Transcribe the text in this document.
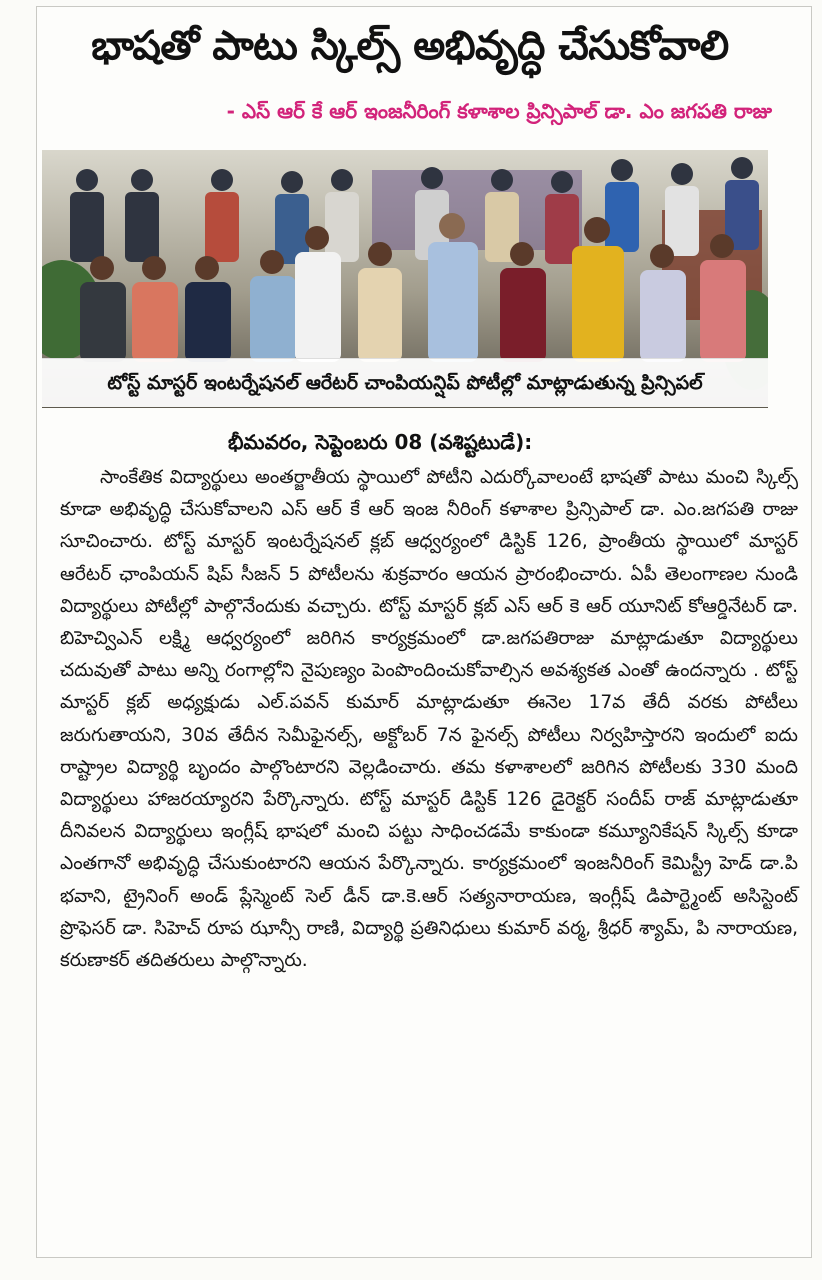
భాషతో పాటు స్కిల్స్ అభివృద్ధి చేసుకోవాలి
- ఎస్ ఆర్ కే ఆర్ ఇంజనీరింగ్ కళాశాల ప్రిన్సిపాల్ డా. ఎం జగపతి రాజు
టోస్ట్ మాస్టర్ ఇంటర్నేషనల్ ఆరేటర్ చాంపియన్షిప్ పోటీల్లో మాట్లాడుతున్న ప్రిన్సిపల్
భీమవరం, సెప్టెంబరు 08 (వశిష్టటుడే):

సాంకేతిక విద్యార్థులు అంతర్జాతీయ స్థాయిలో పోటీని ఎదుర్కోవాలంటే భాషతో పాటు మంచి స్కిల్స్ కూడా అభివృద్ధి చేసుకోవాలని ఎస్ ఆర్ కే ఆర్ ఇంజ నీరింగ్ కళాశాల ప్రిన్సిపాల్ డా. ఎం.జగపతి రాజు సూచించారు. టోస్ట్ మాస్టర్ ఇంటర్నేషనల్ క్లబ్ ఆధ్వర్యంలో డిస్టిక్ 126, ప్రాంతీయ స్థాయిలో మాస్టర్ ఆరేటర్ ఛాంపియన్ షిప్ సీజన్ 5 పోటీలను శుక్రవారం ఆయన ప్రారంభించారు. ఏపీ తెలంగాణల నుండి విద్యార్థులు పోటీల్లో పాల్గొనేందుకు వచ్చారు. టోస్ట్ మాస్టర్ క్లబ్ ఎస్ ఆర్ కె ఆర్ యూనిట్ కోఆర్డినేటర్ డా. బిహెచ్విఎన్ లక్ష్మి ఆధ్వర్యంలో జరిగిన కార్యక్రమంలో డా.జగపతిరాజు మాట్లాడుతూ విద్యార్థులు చదువుతో పాటు అన్ని రంగాల్లోని నైపుణ్యం పెంపొందించుకోవాల్సిన అవశ్యకత ఎంతో ఉందన్నారు . టోస్ట్ మాస్టర్ క్లబ్ అధ్యక్షుడు ఎల్.పవన్ కుమార్ మాట్లాడుతూ ఈనెల 17వ తేదీ వరకు పోటీలు జరుగుతాయని, 30వ తేదీన సెమీఫైనల్స్, అక్టోబర్ 7న ఫైనల్స్ పోటీలు నిర్వహిస్తారని ఇందులో ఐదు రాష్ట్రాల విద్యార్థి బృందం పాల్గొంటారని వెల్లడించారు. తమ కళాశాలలో జరిగిన పోటీలకు 330 మంది విద్యార్థులు హాజరయ్యారని పేర్కొన్నారు. టోస్ట్ మాస్టర్ డిస్టిక్ 126 డైరెక్టర్ సందీప్ రాజ్ మాట్లాడుతూ దీనివలన విద్యార్థులు ఇంగ్లీష్ భాషలో మంచి పట్టు సాధించడమే కాకుండా కమ్యూనికేషన్ స్కిల్స్ కూడా ఎంతగానో అభివృద్ధి చేసుకుంటారని ఆయన పేర్కొన్నారు. కార్యక్రమంలో ఇంజనీరింగ్ కెమిస్ట్రీ హెడ్ డా.పి భవాని, ట్రైనింగ్ అండ్ ప్లేస్మెంట్ సెల్ డీన్ డా.కె.ఆర్ సత్యనారాయణ, ఇంగ్లీష్ డిపార్ట్మెంట్ అసిస్టెంట్ ప్రొఫెసర్ డా. సిహెచ్ రూప ఝాన్సీ రాణి, విద్యార్థి ప్రతినిధులు కుమార్ వర్మ, శ్రీధర్ శ్యామ్, పి నారాయణ, కరుణాకర్ తదితరులు పాల్గొన్నారు.
